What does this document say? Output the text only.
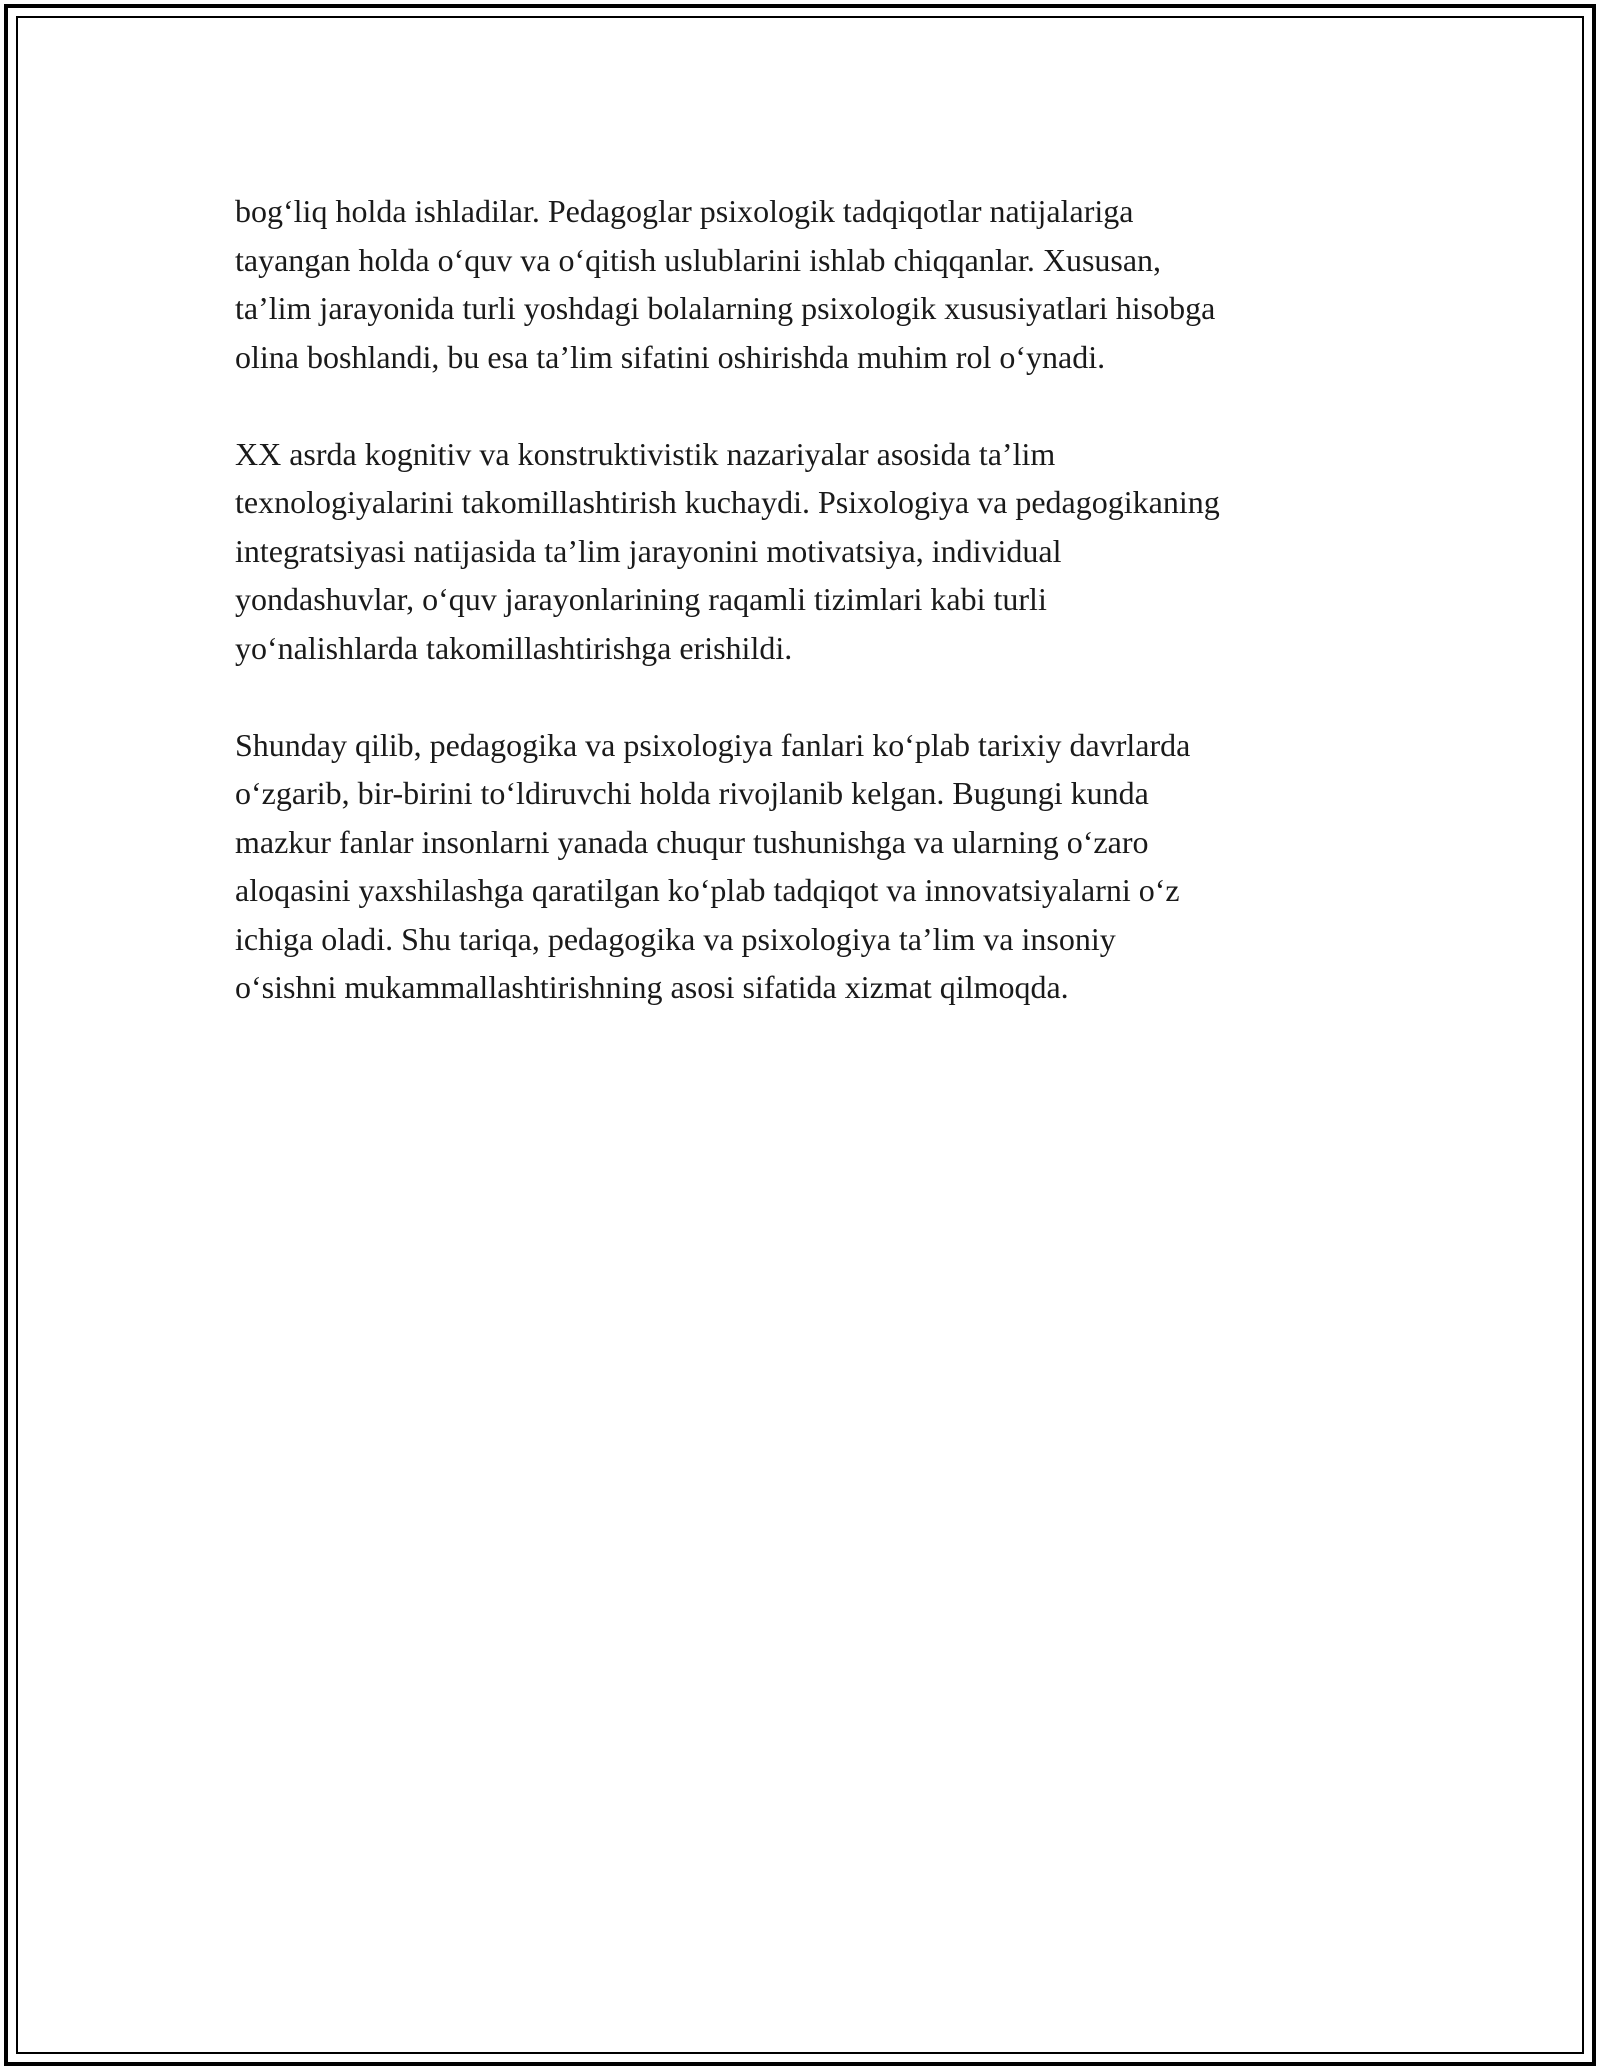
bog‘liq holda ishladilar. Pedagoglar psixologik tadqiqotlar natijalariga
tayangan holda o‘quv va o‘qitish uslublarini ishlab chiqqanlar. Xususan,
ta’lim jarayonida turli yoshdagi bolalarning psixologik xususiyatlari hisobga
olina boshlandi, bu esa ta’lim sifatini oshirishda muhim rol o‘ynadi.

XX asrda kognitiv va konstruktivistik nazariyalar asosida ta’lim
texnologiyalarini takomillashtirish kuchaydi. Psixologiya va pedagogikaning
integratsiyasi natijasida ta’lim jarayonini motivatsiya, individual
yondashuvlar, o‘quv jarayonlarining raqamli tizimlari kabi turli
yo‘nalishlarda takomillashtirishga erishildi.

Shunday qilib, pedagogika va psixologiya fanlari ko‘plab tarixiy davrlarda
o‘zgarib, bir-birini to‘ldiruvchi holda rivojlanib kelgan. Bugungi kunda
mazkur fanlar insonlarni yanada chuqur tushunishga va ularning o‘zaro
aloqasini yaxshilashga qaratilgan ko‘plab tadqiqot va innovatsiyalarni o‘z
ichiga oladi. Shu tariqa, pedagogika va psixologiya ta’lim va insoniy
o‘sishni mukammallashtirishning asosi sifatida xizmat qilmoqda.
